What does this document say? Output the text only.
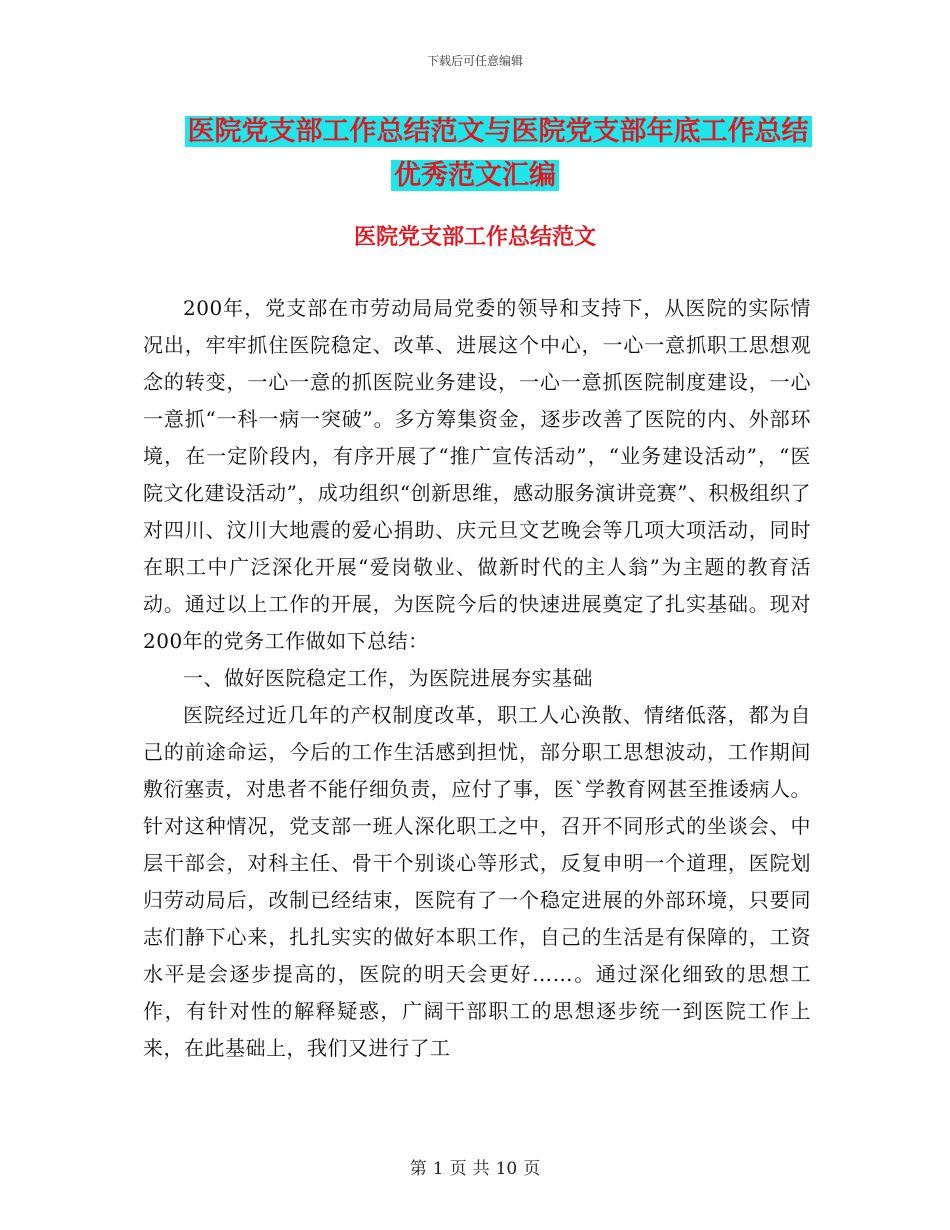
下载后可任意编辑
医院党支部工作总结范文与医院党支部年底工作总结
优秀范文汇编
医院党支部工作总结范文

200年，党支部在市劳动局局党委的领导和支持下，从医院的实际情况出，牢牢抓住医院稳定、改革、进展这个中心，一心一意抓职工思想观念的转变，一心一意的抓医院业务建设，一心一意抓医院制度建设，一心一意抓“一科一病一突破”。多方筹集资金，逐步改善了医院的内、外部环境，在一定阶段内，有序开展了“推广宣传活动”，“业务建设活动”，“医院文化建设活动”，成功组织“创新思维，感动服务演讲竞赛”、积极组织了对四川、汶川大地震的爱心捐助、庆元旦文艺晚会等几项大项活动，同时在职工中广泛深化开展“爱岗敬业、做新时代的主人翁”为主题的教育活动。通过以上工作的开展，为医院今后的快速进展奠定了扎实基础。现对200年的党务工作做如下总结：

一、做好医院稳定工作，为医院进展夯实基础

医院经过近几年的产权制度改革，职工人心涣散、情绪低落，都为自己的前途命运，今后的工作生活感到担忧，部分职工思想波动，工作期间敷衍塞责，对患者不能仔细负责，应付了事，医`学教育网甚至推诿病人。针对这种情况，党支部一班人深化职工之中，召开不同形式的坐谈会、中层干部会，对科主任、骨干个别谈心等形式，反复申明一个道理，医院划归劳动局后，改制已经结束，医院有了一个稳定进展的外部环境，只要同志们静下心来，扎扎实实的做好本职工作，自己的生活是有保障的，工资水平是会逐步提高的，医院的明天会更好……。通过深化细致的思想工作，有针对性的解释疑惑，广阔干部职工的思想逐步统一到医院工作上来，在此基础上，我们又进行了工

第 1 页 共 10 页
